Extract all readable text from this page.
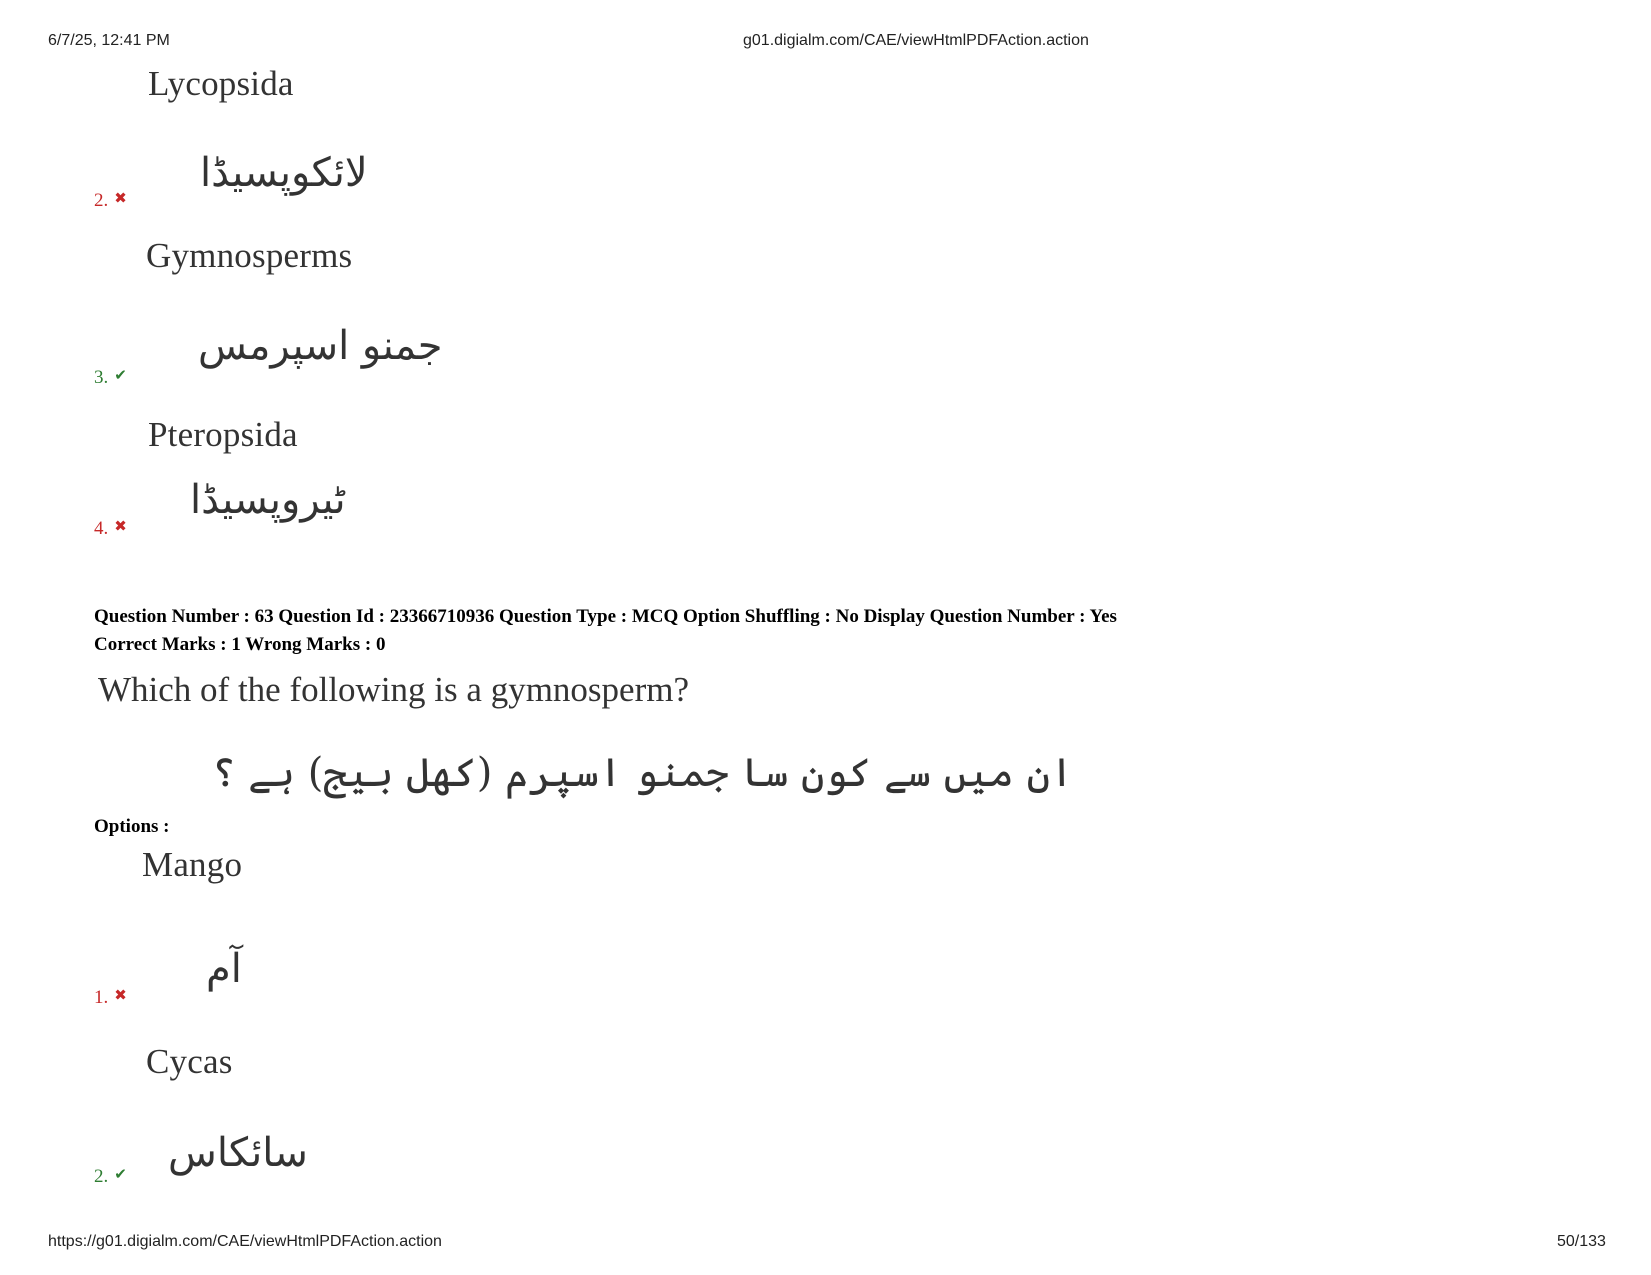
6/7/25, 12:41 PM	g01.digialm.com/CAE/viewHtmlPDFAction.action
Lycopsida
2. ✖
لائکوپسیڈا
Gymnosperms
3. ✔
جمنو اسپرمس
Pteropsida
4. ✖
ٹیروپسیڈا
Question Number : 63 Question Id : 23366710936 Question Type : MCQ Option Shuffling : No Display Question Number : Yes
Correct Marks : 1 Wrong Marks : 0
Which of the following is a gymnosperm?
ان میں سے کون سا جمنو اسپرم (کھل بیج) ہے ؟
Options :
Mango
1. ✖
آم
Cycas
2. ✔ سائکاس
https://g01.digialm.com/CAE/viewHtmlPDFAction.action	50/133
